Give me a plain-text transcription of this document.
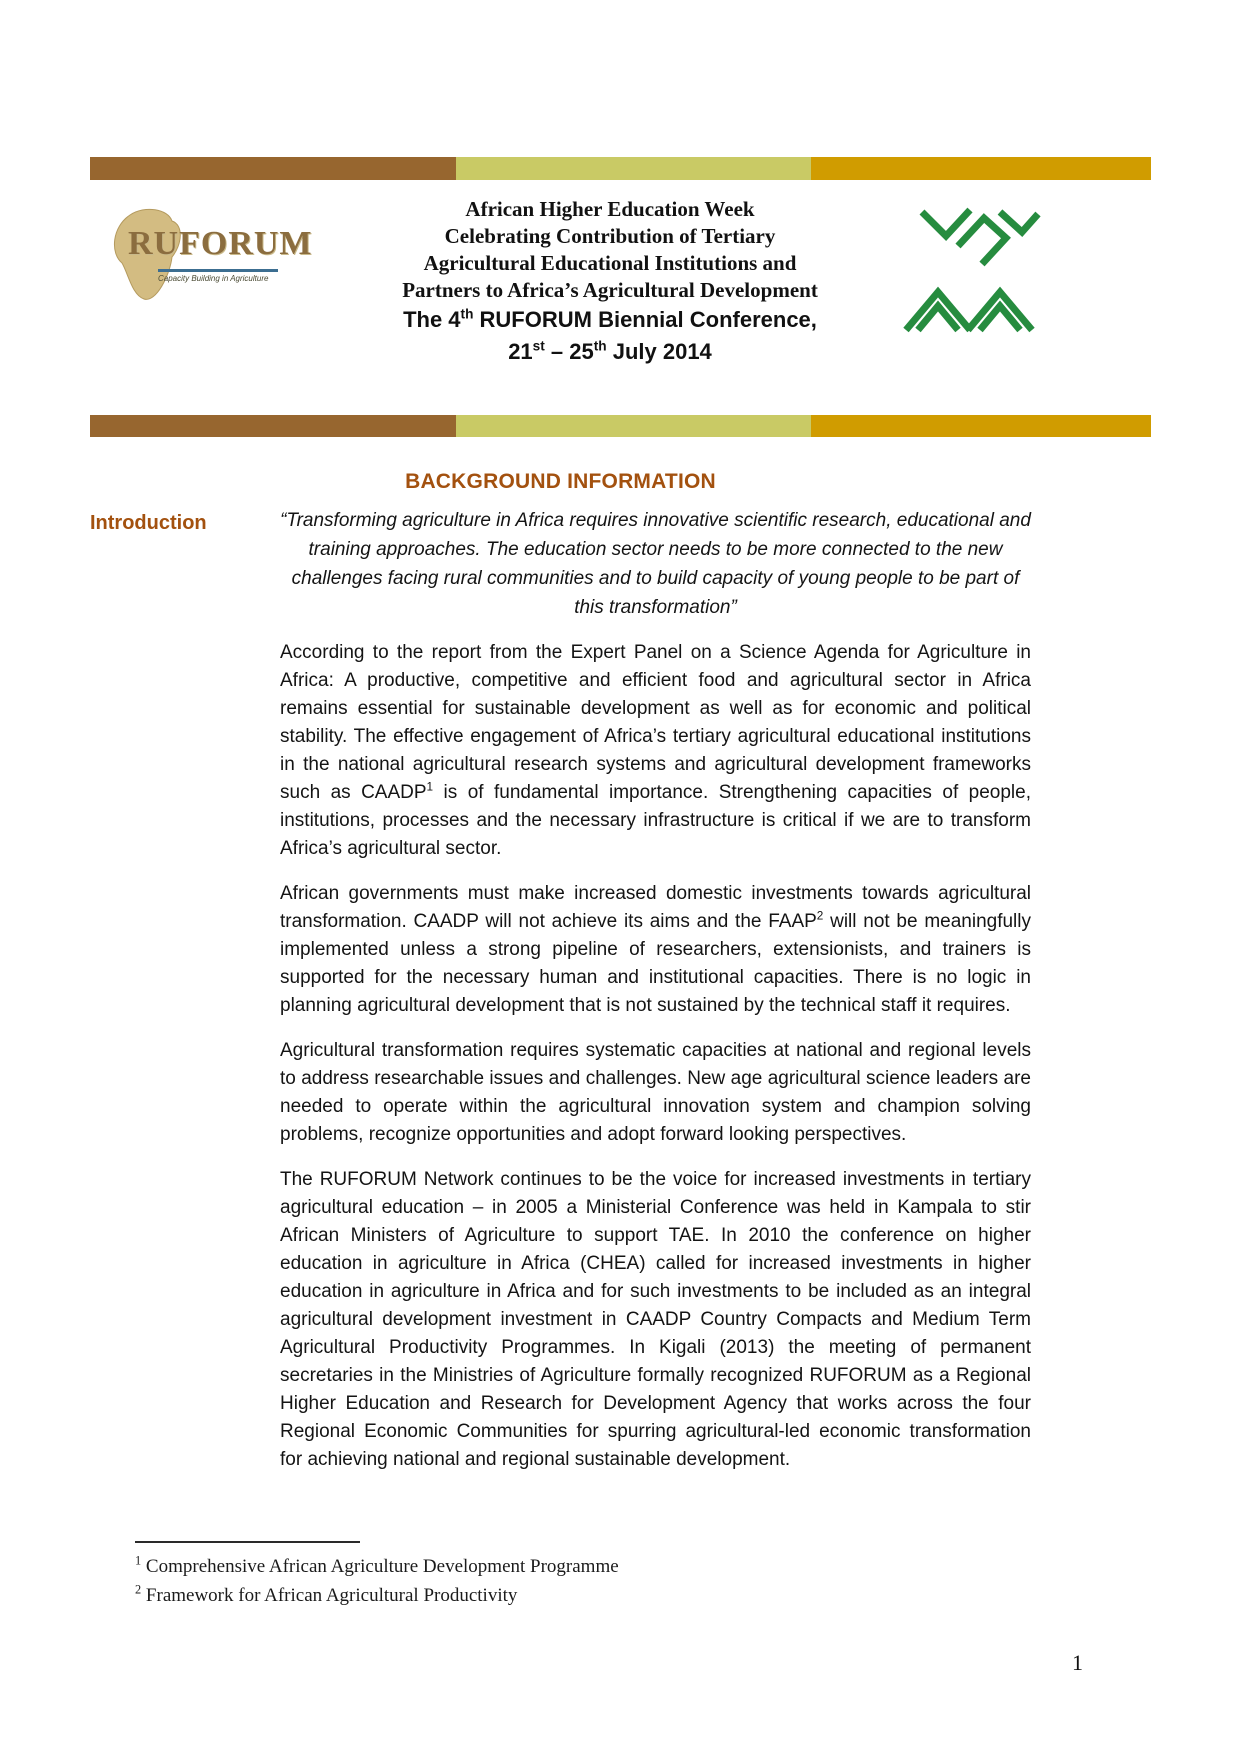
RUFORUM
Capacity Building in Agriculture
African Higher Education Week
Celebrating Contribution of Tertiary
Agricultural Educational Institutions and
Partners to Africa’s Agricultural Development
The 4th RUFORUM Biennial Conference,
21st – 25th July 2014
BACKGROUND INFORMATION
Introduction	“Transforming agriculture in Africa requires innovative scientific research, educational and training approaches. The education sector needs to be more connected to the new challenges facing rural communities and to build capacity of young people to be part of this transformation”

According to the report from the Expert Panel on a Science Agenda for Agriculture in Africa: A productive, competitive and efficient food and agricultural sector in Africa remains essential for sustainable development as well as for economic and political stability. The effective engagement of Africa’s tertiary agricultural educational institutions in the national agricultural research systems and agricultural development frameworks such as CAADP$^1$ is of fundamental importance. Strengthening capacities of people, institutions, processes and the necessary infrastructure is critical if we are to transform Africa’s agricultural sector.

African governments must make increased domestic investments towards agricultural transformation. CAADP will not achieve its aims and the FAAP$^2$ will not be meaningfully implemented unless a strong pipeline of researchers, extensionists, and trainers is supported for the necessary human and institutional capacities. There is no logic in planning agricultural development that is not sustained by the technical staff it requires.

Agricultural transformation requires systematic capacities at national and regional levels to address researchable issues and challenges. New age agricultural science leaders are needed to operate within the agricultural innovation system and champion solving problems, recognize opportunities and adopt forward looking perspectives.

The RUFORUM Network continues to be the voice for increased investments in tertiary agricultural education – in 2005 a Ministerial Conference was held in Kampala to stir African Ministers of Agriculture to support TAE. In 2010 the conference on higher education in agriculture in Africa (CHEA) called for increased investments in higher education in agriculture in Africa and for such investments to be included as an integral agricultural development investment in CAADP Country Compacts and Medium Term Agricultural Productivity Programmes. In Kigali (2013) the meeting of permanent secretaries in the Ministries of Agriculture formally recognized RUFORUM as a Regional Higher Education and Research for Development Agency that works across the four Regional Economic Communities for spurring agricultural-led economic transformation for achieving national and regional sustainable development.

$^1$ Comprehensive African Agriculture Development Programme
$^2$ Framework for African Agricultural Productivity
1
